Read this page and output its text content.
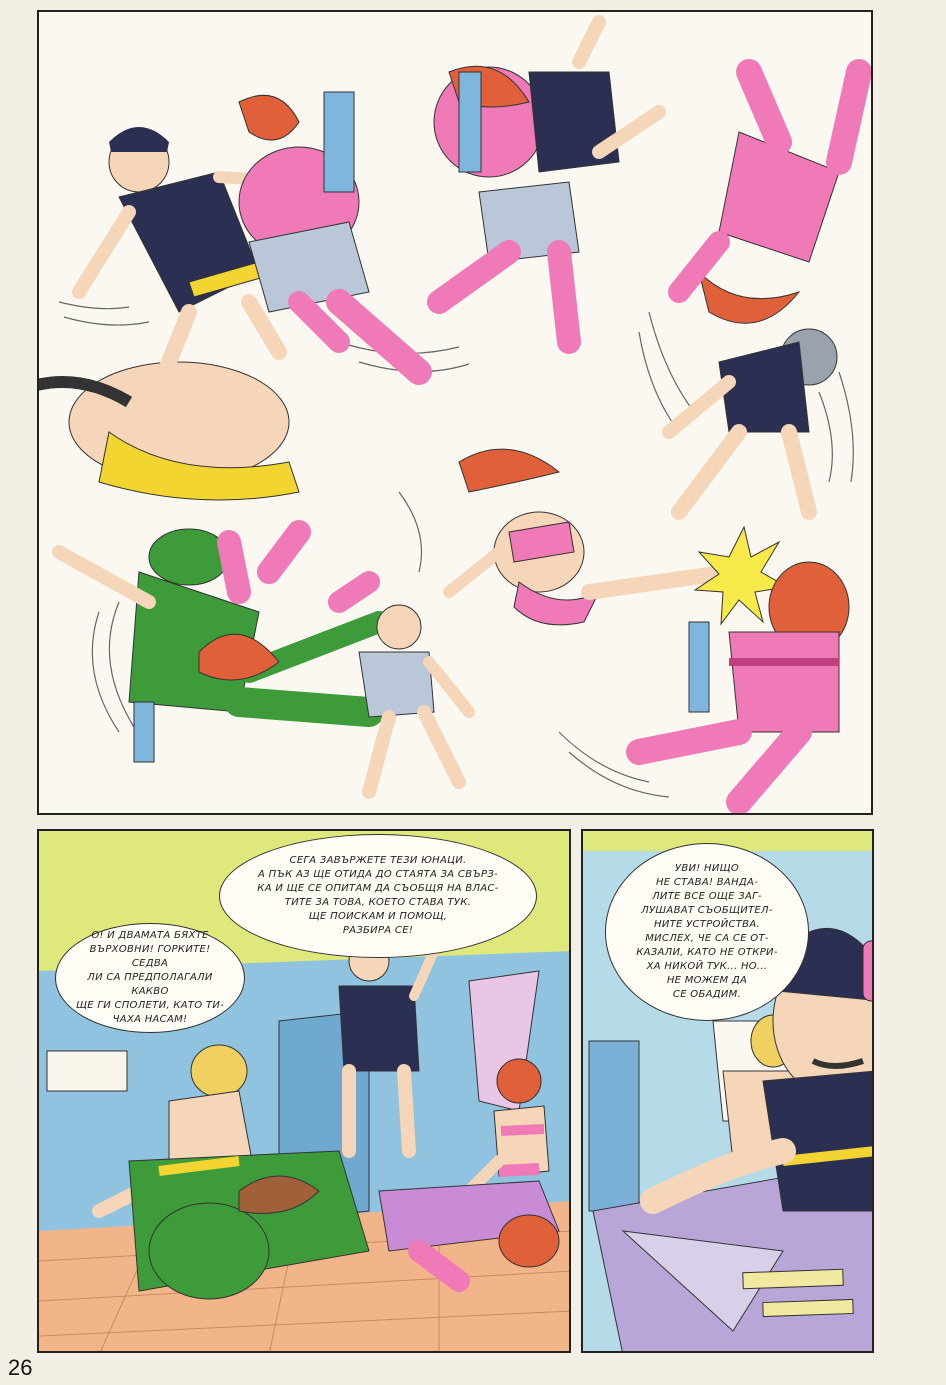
СЕГА ЗАВЪРЖЕТЕ ТЕЗИ ЮНАЦИ.
А ПЪК АЗ ЩЕ ОТИДА ДО СТАЯТА ЗА СВЪРЗ-
КА И ЩЕ СЕ ОПИТАМ ДА СЪОБЩЯ НА ВЛАС-
ТИТЕ ЗА ТОВА, КОЕТО СТАВА ТУК.
ЩЕ ПОИСКАМ И ПОМОЩ,
РАЗБИРА СЕ!
О! И ДВАМАТА БЯХТЕ
ВЪРХОВНИ! ГОРКИТЕ! СЕДВА
ЛИ СА ПРЕДПОЛАГАЛИ КАКВО
ЩЕ ГИ СПОЛЕТИ, КАТО ТИ-
ЧАХА НАСАМ!
УВИ! НИЩО
НЕ СТАВА! ВАНДА-
ЛИТЕ ВСЕ ОЩЕ ЗАГ-
ЛУШАВАТ СЪОБЩИТЕЛ-
НИТЕ УСТРОЙСТВА.
МИСЛЕХ, ЧЕ СА СЕ ОТ-
КАЗАЛИ, КАТО НЕ ОТКРИ-
ХА НИКОЙ ТУК... НО...
НЕ МОЖЕМ ДА
СЕ ОБАДИМ.
26
